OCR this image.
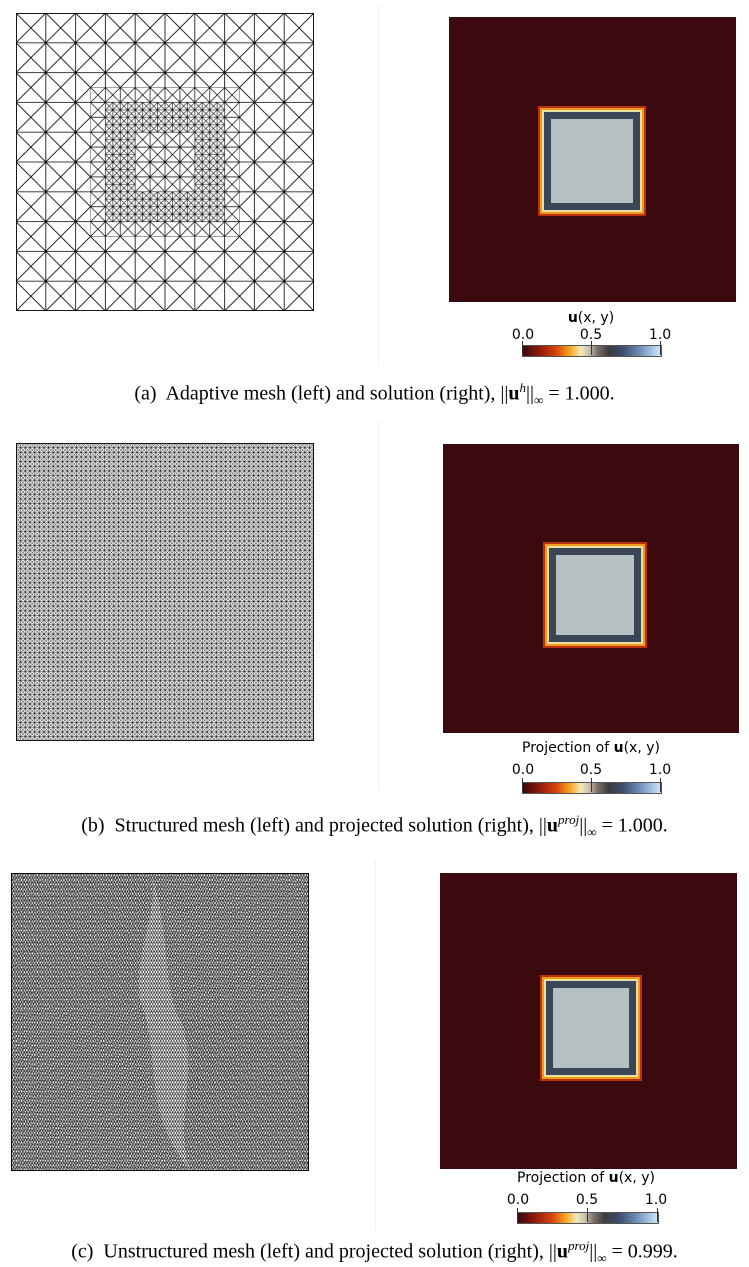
u(x, y)
0.0	0.5	1.0
(a) Adaptive mesh (left) and solution (right), $||u^h||_\infty = 1.000$.
Projection of u(x, y)
0.0	0.5	1.0
(b) Structured mesh (left) and projected solution (right), $||u^{proj}||_\infty = 1.000$.
Projection of u(x, y)
0.0	0.5	1.0
(c) Unstructured mesh (left) and projected solution (right), $||u^{proj}||_\infty = 0.999$.
